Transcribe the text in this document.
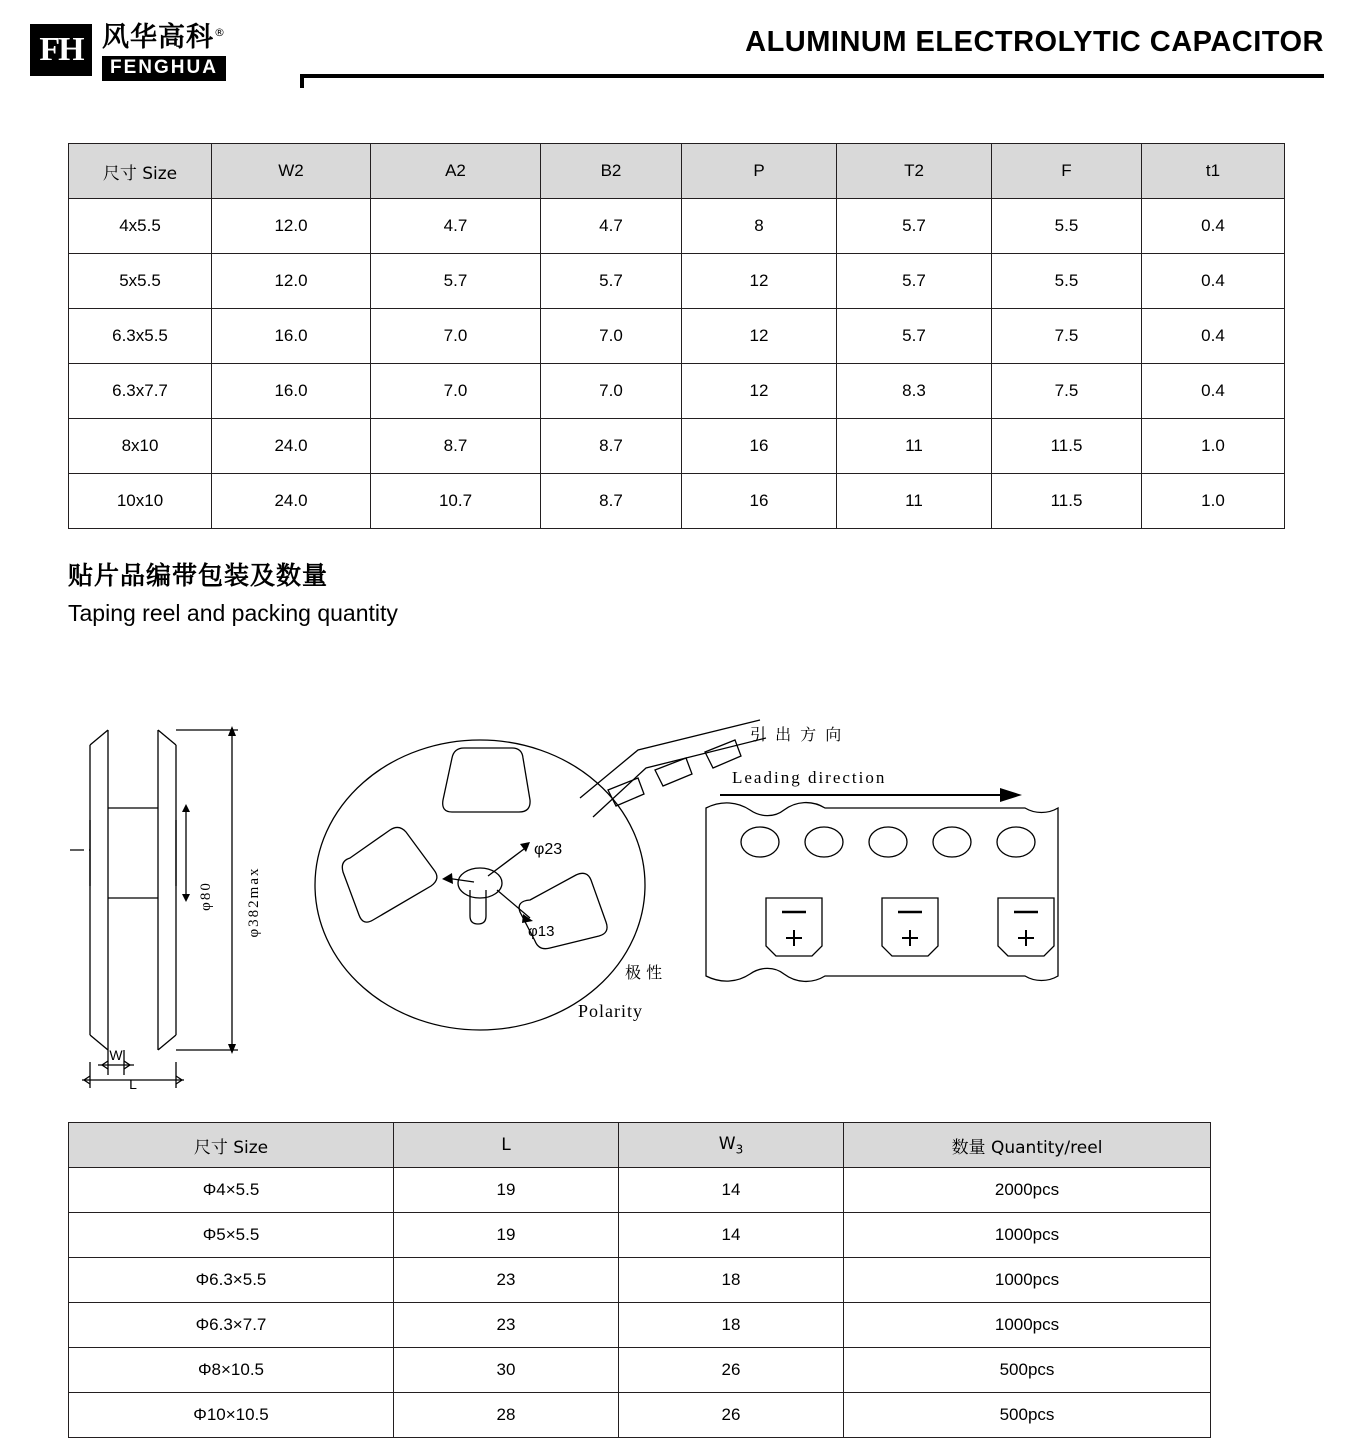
FH 风华高科®
FENGHUA
ALUMINUM ELECTROLYTIC CAPACITOR
尺寸 Size	W2	A2	B2	P	T2	F	t1
4x5.5	12.0	4.7	4.7	8	5.7	5.5	0.4
5x5.5	12.0	5.7	5.7	12	5.7	5.5	0.4
6.3x5.5	16.0	7.0	7.0	12	5.7	7.5	0.4
6.3x7.7	16.0	7.0	7.0	12	8.3	7.5	0.4
8x10	24.0	8.7	8.7	16	11	11.5	1.0
10x10	24.0	10.7	8.7	16	11	11.5	1.0
贴片品编带包装及数量
Taping reel and packing quantity
φ80 φ382max
W
L
φ23
φ13
极 性
Polarity
引 出 方 向
Leading direction
尺寸 Size	L	$W_3$	数量 Quantity/reel
Φ4×5.5	19	14	2000pcs
Φ5×5.5	19	14	1000pcs
Φ6.3×5.5	23	18	1000pcs
Φ6.3×7.7	23	18	1000pcs
Φ8×10.5	30	26	500pcs
Φ10×10.5	28	26	500pcs
